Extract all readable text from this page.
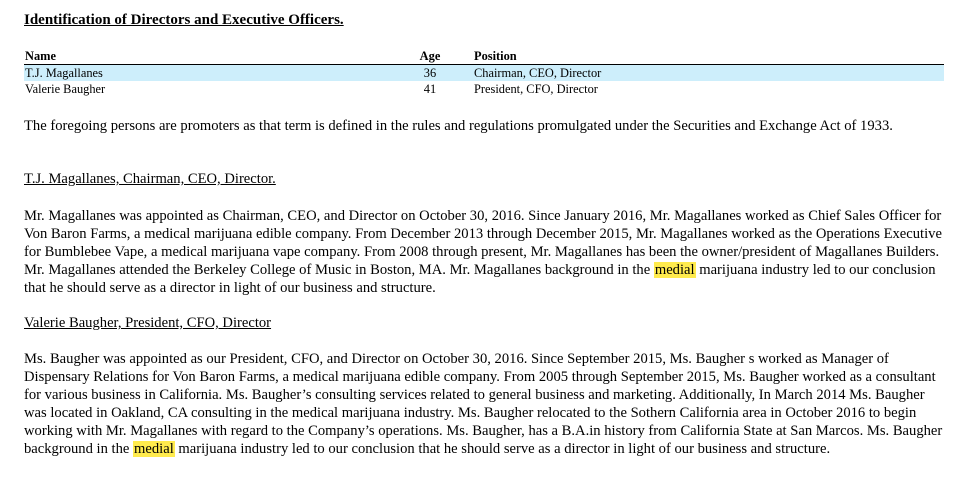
Identification of Directors and Executive Officers.
Name	Age		Position
T.J. Magallanes	36		Chairman, CEO, Director
Valerie Baugher	41		President, CFO, Director
The foregoing persons are promoters as that term is defined in the rules and regulations promulgated under the Securities and Exchange Act of 1933.
T.J. Magallanes, Chairman, CEO, Director.
Mr. Magallanes was appointed as Chairman, CEO, and Director on October 30, 2016. Since January 2016, Mr. Magallanes worked as Chief Sales Officer for Von Baron Farms, a medical marijuana edible company. From December 2013 through December 2015, Mr. Magallanes worked as the Operations Executive for Bumblebee Vape, a medical marijuana vape company. From 2008 through present, Mr. Magallanes has been the owner/president of Magallanes Builders. Mr. Magallanes attended the Berkeley College of Music in Boston, MA. Mr. Magallanes background in the medial marijuana industry led to our conclusion that he should serve as a director in light of our business and structure.
Valerie Baugher, President, CFO, Director
Ms. Baugher was appointed as our President, CFO, and Director on October 30, 2016. Since September 2015, Ms. Baugher s worked as Manager of Dispensary Relations for Von Baron Farms, a medical marijuana edible company. From 2005 through September 2015, Ms. Baugher worked as a consultant for various business in California. Ms. Baugher’s consulting services related to general business and marketing. Additionally, In March 2014 Ms. Baugher was located in Oakland, CA consulting in the medical marijuana industry. Ms. Baugher relocated to the Sothern California area in October 2016 to begin working with Mr. Magallanes with regard to the Company’s operations. Ms. Baugher, has a B.A.in history from California State at San Marcos. Ms. Baugher background in the medial marijuana industry led to our conclusion that he should serve as a director in light of our business and structure.
